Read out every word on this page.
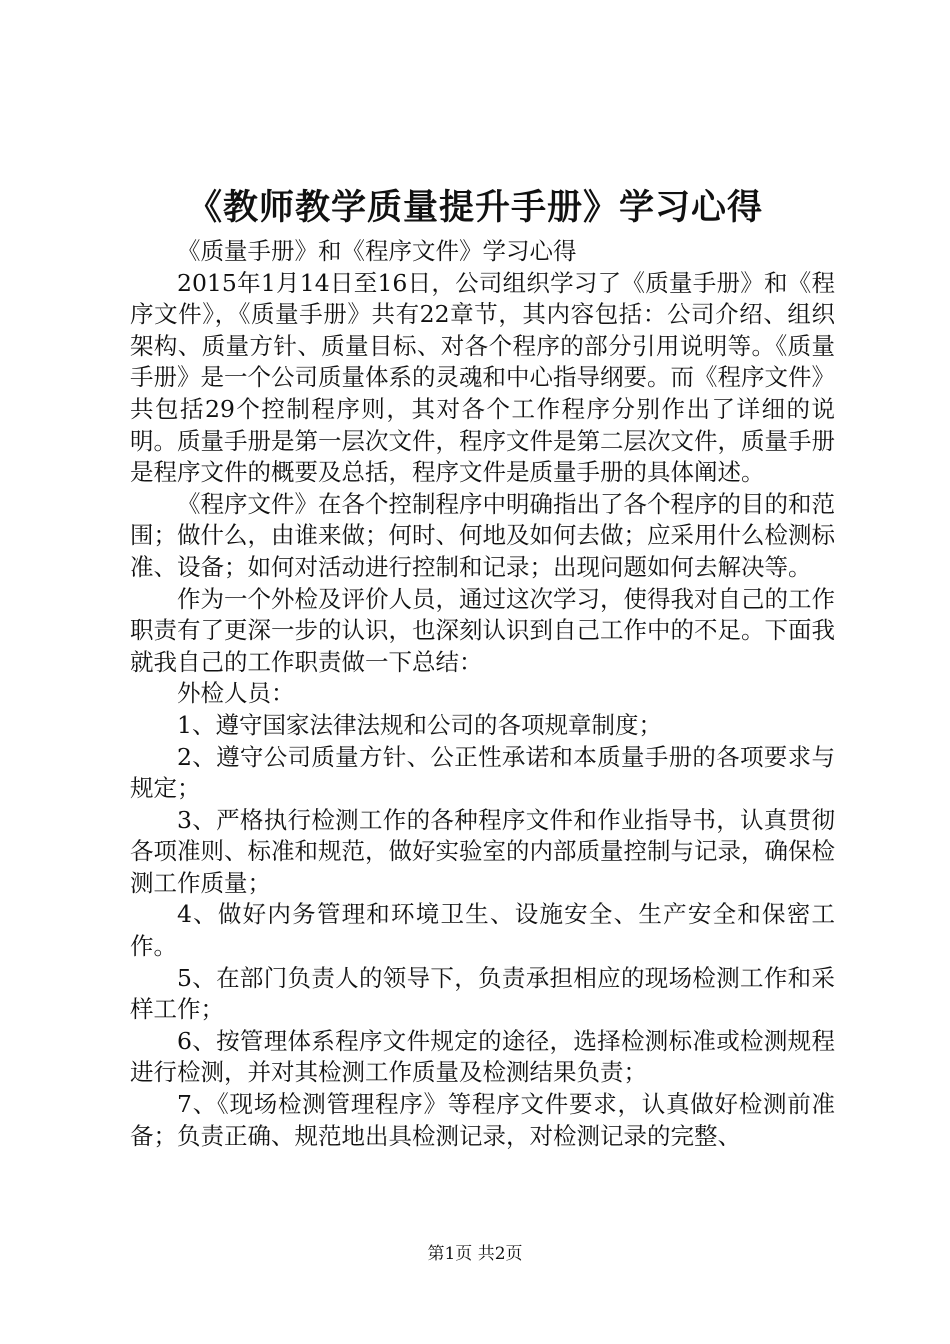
《教师教学质量提升手册》学习心得

《质量手册》和《程序文件》学习心得

2015年1月14日至16日，公司组织学习了《质量手册》和《程序文件》，《质量手册》共有22章节，其内容包括：公司介绍、组织架构、质量方针、质量目标、对各个程序的部分引用说明等。《质量手册》是一个公司质量体系的灵魂和中心指导纲要。而《程序文件》共包括29个控制程序则，其对各个工作程序分别作出了详细的说明。质量手册是第一层次文件，程序文件是第二层次文件，质量手册是程序文件的概要及总括，程序文件是质量手册的具体阐述。

《程序文件》在各个控制程序中明确指出了各个程序的目的和范围；做什么，由谁来做；何时、何地及如何去做；应采用什么检测标准、设备；如何对活动进行控制和记录；出现问题如何去解决等。

作为一个外检及评价人员，通过这次学习，使得我对自己的工作职责有了更深一步的认识，也深刻认识到自己工作中的不足。下面我就我自己的工作职责做一下总结：

外检人员：

1、遵守国家法律法规和公司的各项规章制度；

2、遵守公司质量方针、公正性承诺和本质量手册的各项要求与规定；

3、严格执行检测工作的各种程序文件和作业指导书，认真贯彻各项准则、标准和规范，做好实验室的内部质量控制与记录，确保检测工作质量；

4、做好内务管理和环境卫生、设施安全、生产安全和保密工作。

5、在部门负责人的领导下，负责承担相应的现场检测工作和采样工作；

6、按管理体系程序文件规定的途径，选择检测标准或检测规程进行检测，并对其检测工作质量及检测结果负责；

7、《现场检测管理程序》等程序文件要求，认真做好检测前准备；负责正确、规范地出具检测记录，对检测记录的完整、

第1页 共2页
